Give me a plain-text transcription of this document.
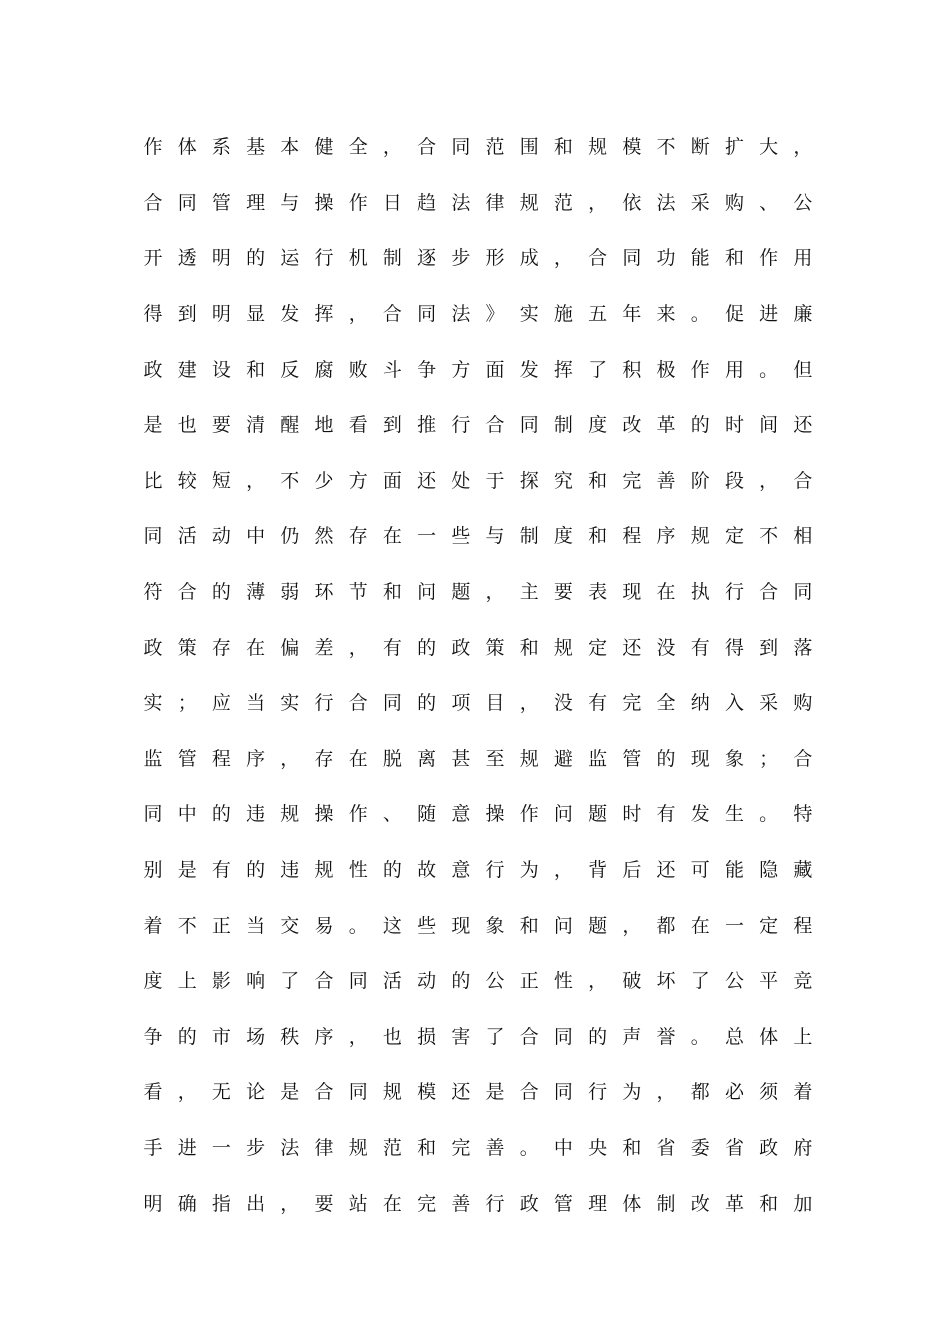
作 体 系 基 本 健 全 ， 合 同 范 围 和 规 模 不 断 扩 大 ，
合 同 管 理 与 操 作 日 趋 法 律 规 范 ， 依 法 采 购 、 公
开 透 明 的 运 行 机 制 逐 步 形 成 ， 合 同 功 能 和 作 用
得 到 明 显 发 挥 ， 合 同 法 》 实 施 五 年 来 。 促 进 廉
政 建 设 和 反 腐 败 斗 争 方 面 发 挥 了 积 极 作 用 。 但
是 也 要 清 醒 地 看 到 推 行 合 同 制 度 改 革 的 时 间 还
比 较 短 ， 不 少 方 面 还 处 于 探 究 和 完 善 阶 段 ， 合
同 活 动 中 仍 然 存 在 一 些 与 制 度 和 程 序 规 定 不 相
符 合 的 薄 弱 环 节 和 问 题 ， 主 要 表 现 在 执 行 合 同
政 策 存 在 偏 差 ， 有 的 政 策 和 规 定 还 没 有 得 到 落
实 ； 应 当 实 行 合 同 的 项 目 ， 没 有 完 全 纳 入 采 购
监 管 程 序 ， 存 在 脱 离 甚 至 规 避 监 管 的 现 象 ； 合
同 中 的 违 规 操 作 、 随 意 操 作 问 题 时 有 发 生 。 特
别 是 有 的 违 规 性 的 故 意 行 为 ， 背 后 还 可 能 隐 藏
着 不 正 当 交 易 。 这 些 现 象 和 问 题 ， 都 在 一 定 程
度 上 影 响 了 合 同 活 动 的 公 正 性 ， 破 坏 了 公 平 竞
争 的 市 场 秩 序 ， 也 损 害 了 合 同 的 声 誉 。 总 体 上
看 ， 无 论 是 合 同 规 模 还 是 合 同 行 为 ， 都 必 须 着
手 进 一 步 法 律 规 范 和 完 善 。 中 央 和 省 委 省 政 府
明 确 指 出 ， 要 站 在 完 善 行 政 管 理 体 制 改 革 和 加
